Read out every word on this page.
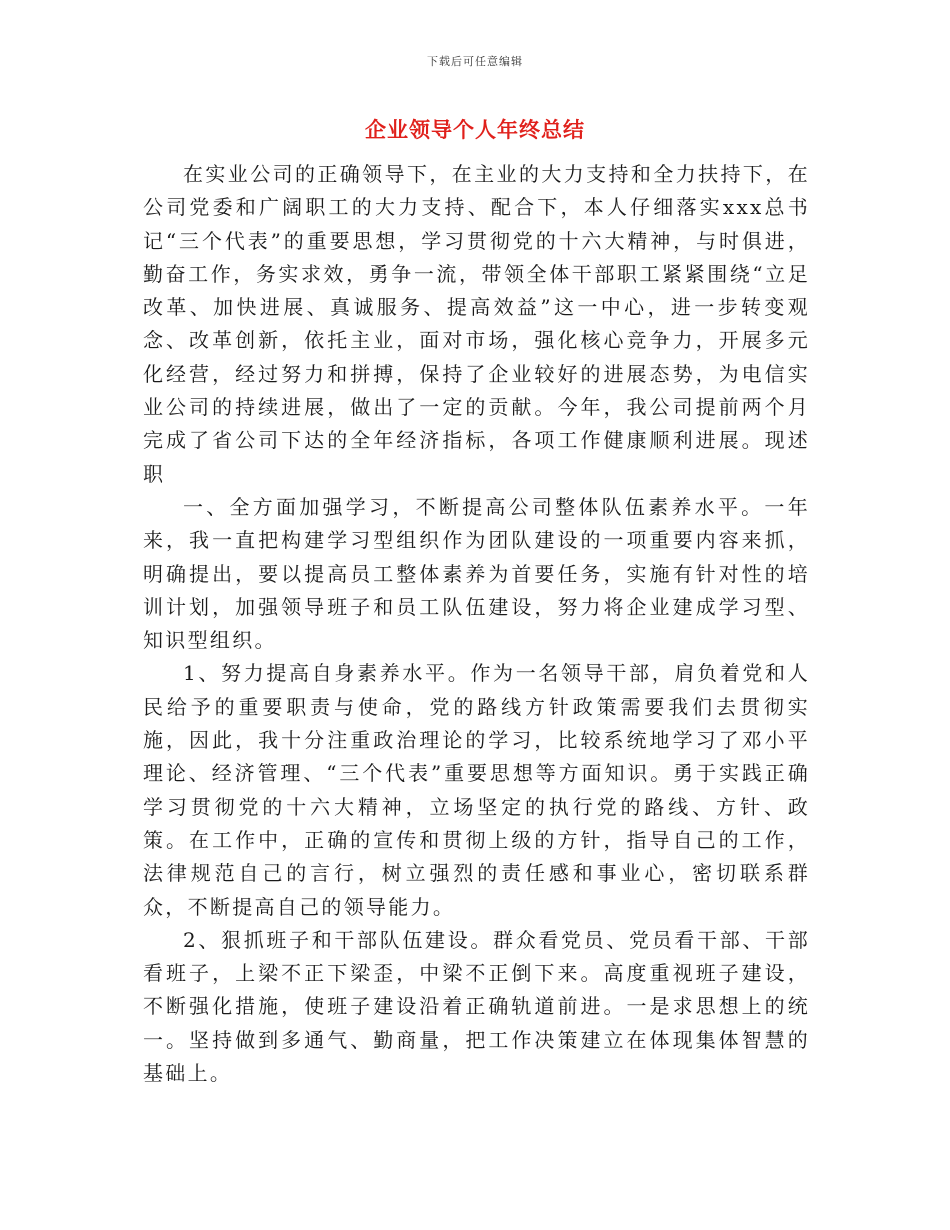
下载后可任意编辑
企业领导个人年终总结

在实业公司的正确领导下，在主业的大力支持和全力扶持下，在公司党委和广阔职工的大力支持、配合下，本人仔细落实xxx总书记“三个代表”的重要思想，学习贯彻党的十六大精神，与时俱进，勤奋工作，务实求效，勇争一流，带领全体干部职工紧紧围绕“立足改革、加快进展、真诚服务、提高效益”这一中心，进一步转变观念、改革创新，依托主业，面对市场，强化核心竞争力，开展多元化经营，经过努力和拼搏，保持了企业较好的进展态势，为电信实业公司的持续进展，做出了一定的贡献。今年，我公司提前两个月完成了省公司下达的全年经济指标，各项工作健康顺利进展。现述职

一、全方面加强学习，不断提高公司整体队伍素养水平。一年来，我一直把构建学习型组织作为团队建设的一项重要内容来抓，明确提出，要以提高员工整体素养为首要任务，实施有针对性的培训计划，加强领导班子和员工队伍建设，努力将企业建成学习型、知识型组织。

1、努力提高自身素养水平。作为一名领导干部，肩负着党和人民给予的重要职责与使命，党的路线方针政策需要我们去贯彻实施，因此，我十分注重政治理论的学习，比较系统地学习了邓小平理论、经济管理、“三个代表”重要思想等方面知识。勇于实践正确学习贯彻党的十六大精神，立场坚定的执行党的路线、方针、政策。在工作中，正确的宣传和贯彻上级的方针，指导自己的工作，法律规范自己的言行，树立强烈的责任感和事业心，密切联系群众，不断提高自己的领导能力。

2、狠抓班子和干部队伍建设。群众看党员、党员看干部、干部看班子，上梁不正下梁歪，中梁不正倒下来。高度重视班子建设，不断强化措施，使班子建设沿着正确轨道前进。一是求思想上的统一。坚持做到多通气、勤商量，把工作决策建立在体现集体智慧的基础上。
